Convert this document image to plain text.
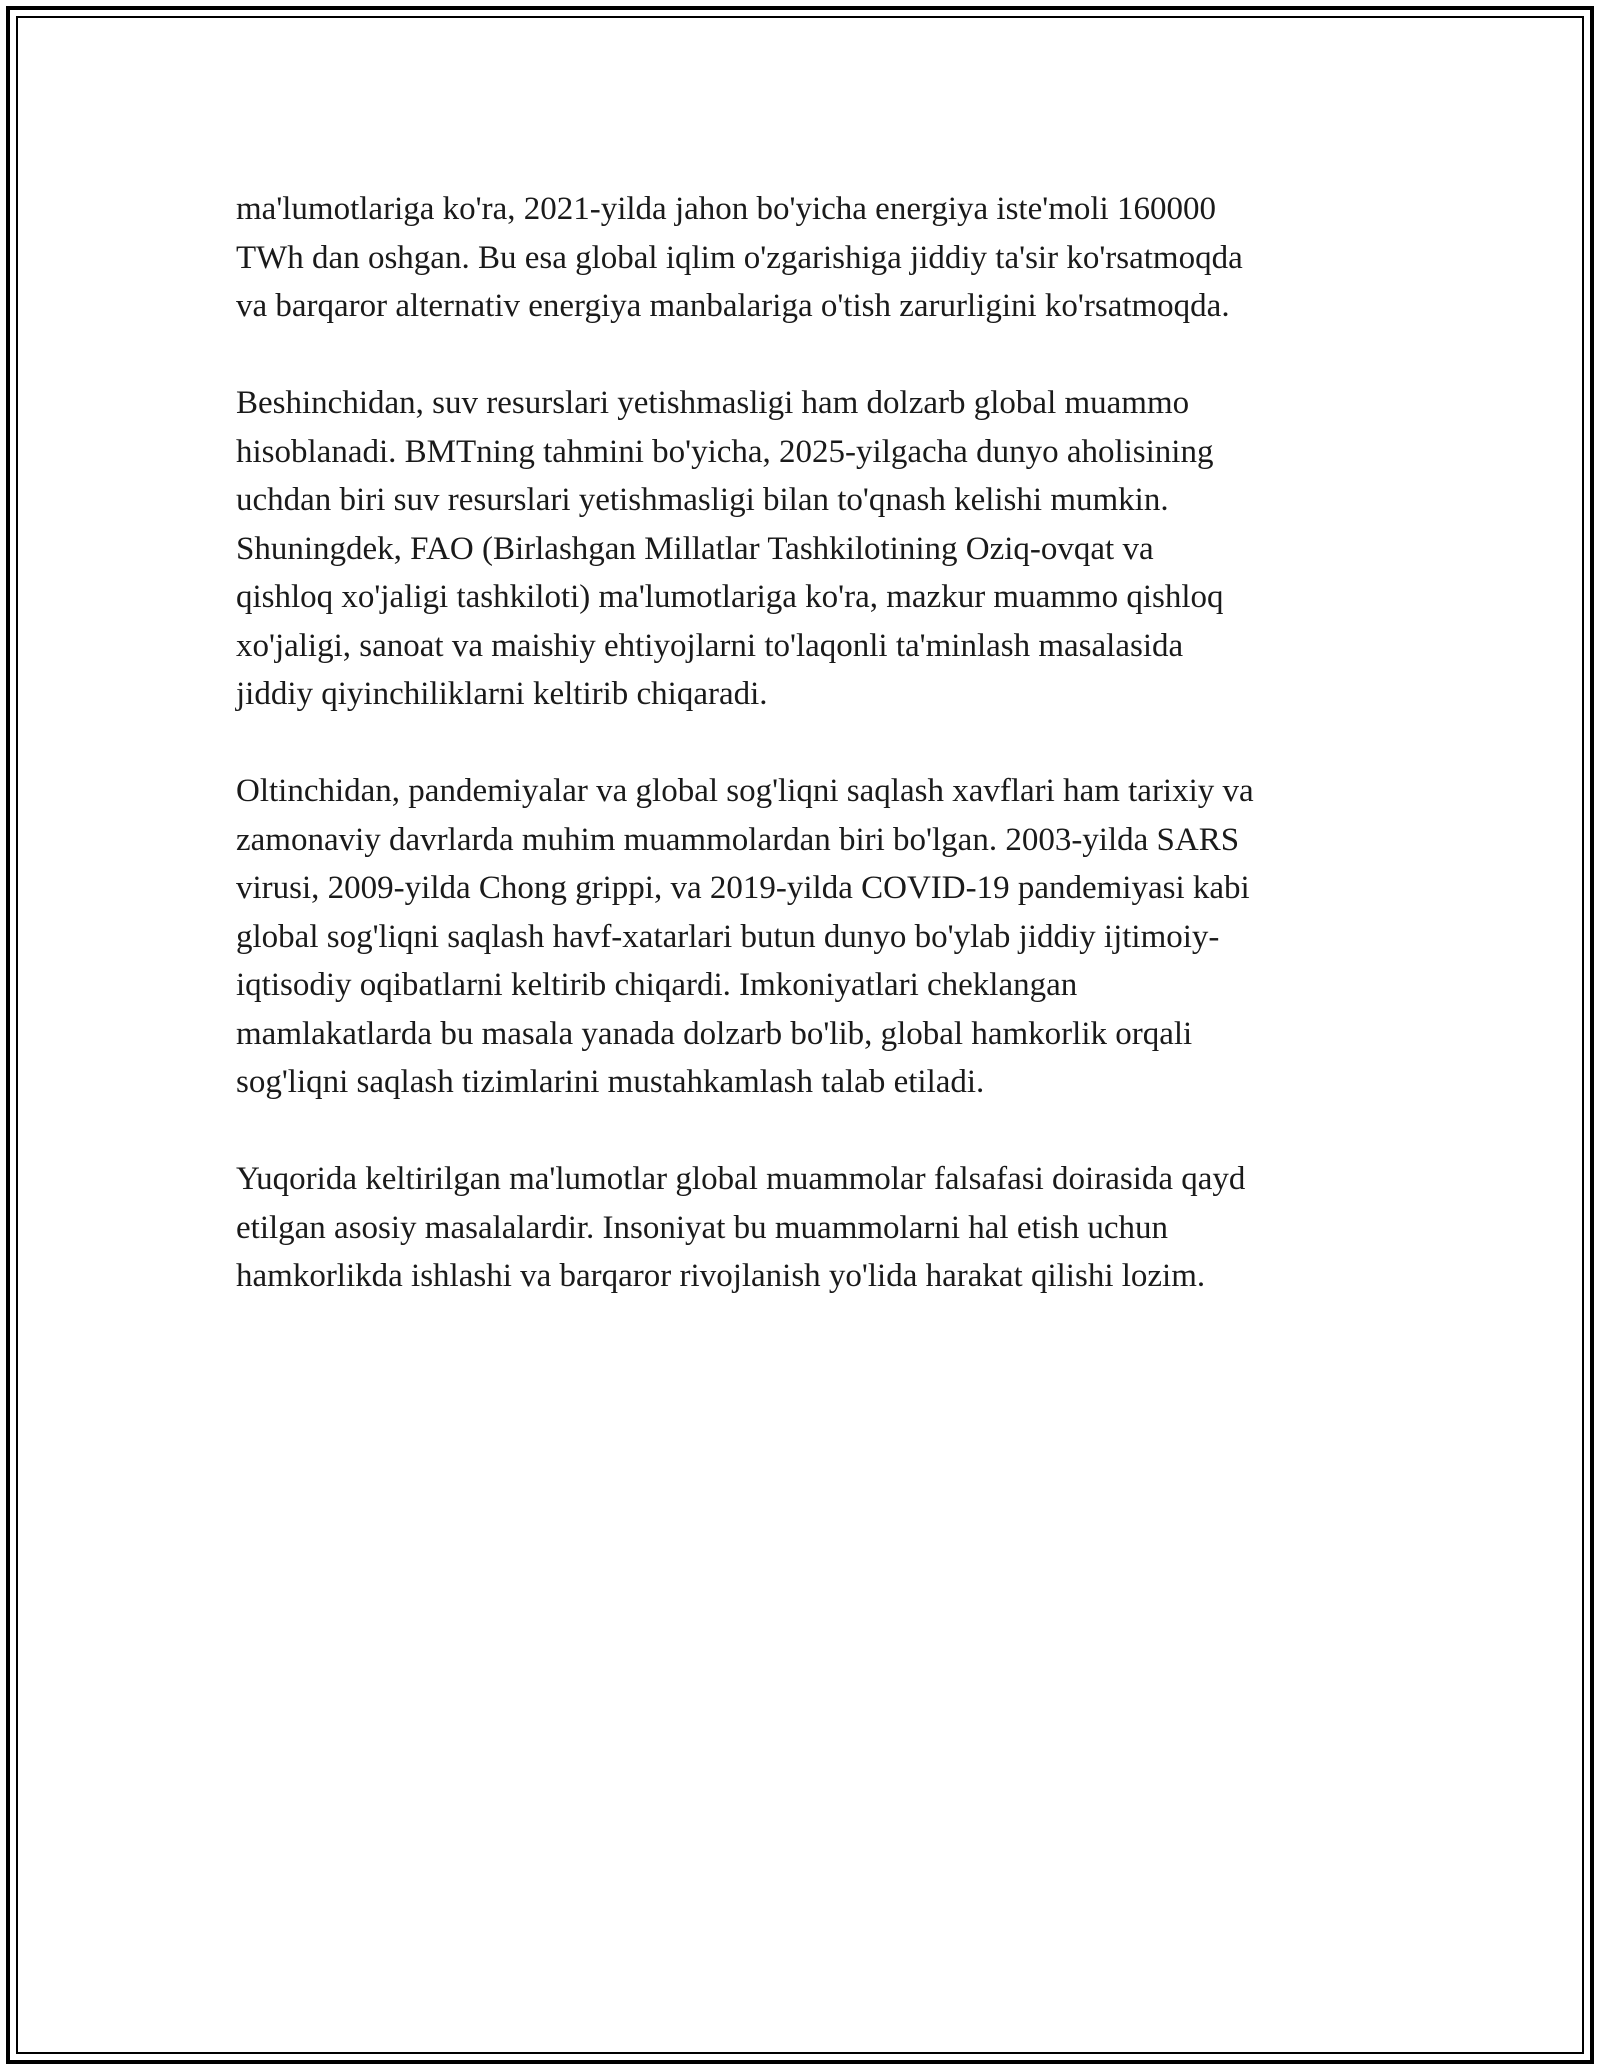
ma'lumotlariga ko'ra, 2021-yilda jahon bo'yicha energiya iste'moli 160000
TWh dan oshgan. Bu esa global iqlim o'zgarishiga jiddiy ta'sir ko'rsatmoqda
va barqaror alternativ energiya manbalariga o'tish zarurligini ko'rsatmoqda.

Beshinchidan, suv resurslari yetishmasligi ham dolzarb global muammo
hisoblanadi. BMTning tahmini bo'yicha, 2025-yilgacha dunyo aholisining
uchdan biri suv resurslari yetishmasligi bilan to'qnash kelishi mumkin.
Shuningdek, FAO (Birlashgan Millatlar Tashkilotining Oziq-ovqat va
qishloq xo'jaligi tashkiloti) ma'lumotlariga ko'ra, mazkur muammo qishloq
xo'jaligi, sanoat va maishiy ehtiyojlarni to'laqonli ta'minlash masalasida
jiddiy qiyinchiliklarni keltirib chiqaradi.

Oltinchidan, pandemiyalar va global sog'liqni saqlash xavflari ham tarixiy va
zamonaviy davrlarda muhim muammolardan biri bo'lgan. 2003-yilda SARS
virusi, 2009-yilda Chong grippi, va 2019-yilda COVID-19 pandemiyasi kabi
global sog'liqni saqlash havf-xatarlari butun dunyo bo'ylab jiddiy ijtimoiy-
iqtisodiy oqibatlarni keltirib chiqardi. Imkoniyatlari cheklangan
mamlakatlarda bu masala yanada dolzarb bo'lib, global hamkorlik orqali
sog'liqni saqlash tizimlarini mustahkamlash talab etiladi.

Yuqorida keltirilgan ma'lumotlar global muammolar falsafasi doirasida qayd
etilgan asosiy masalalardir. Insoniyat bu muammolarni hal etish uchun
hamkorlikda ishlashi va barqaror rivojlanish yo'lida harakat qilishi lozim.
